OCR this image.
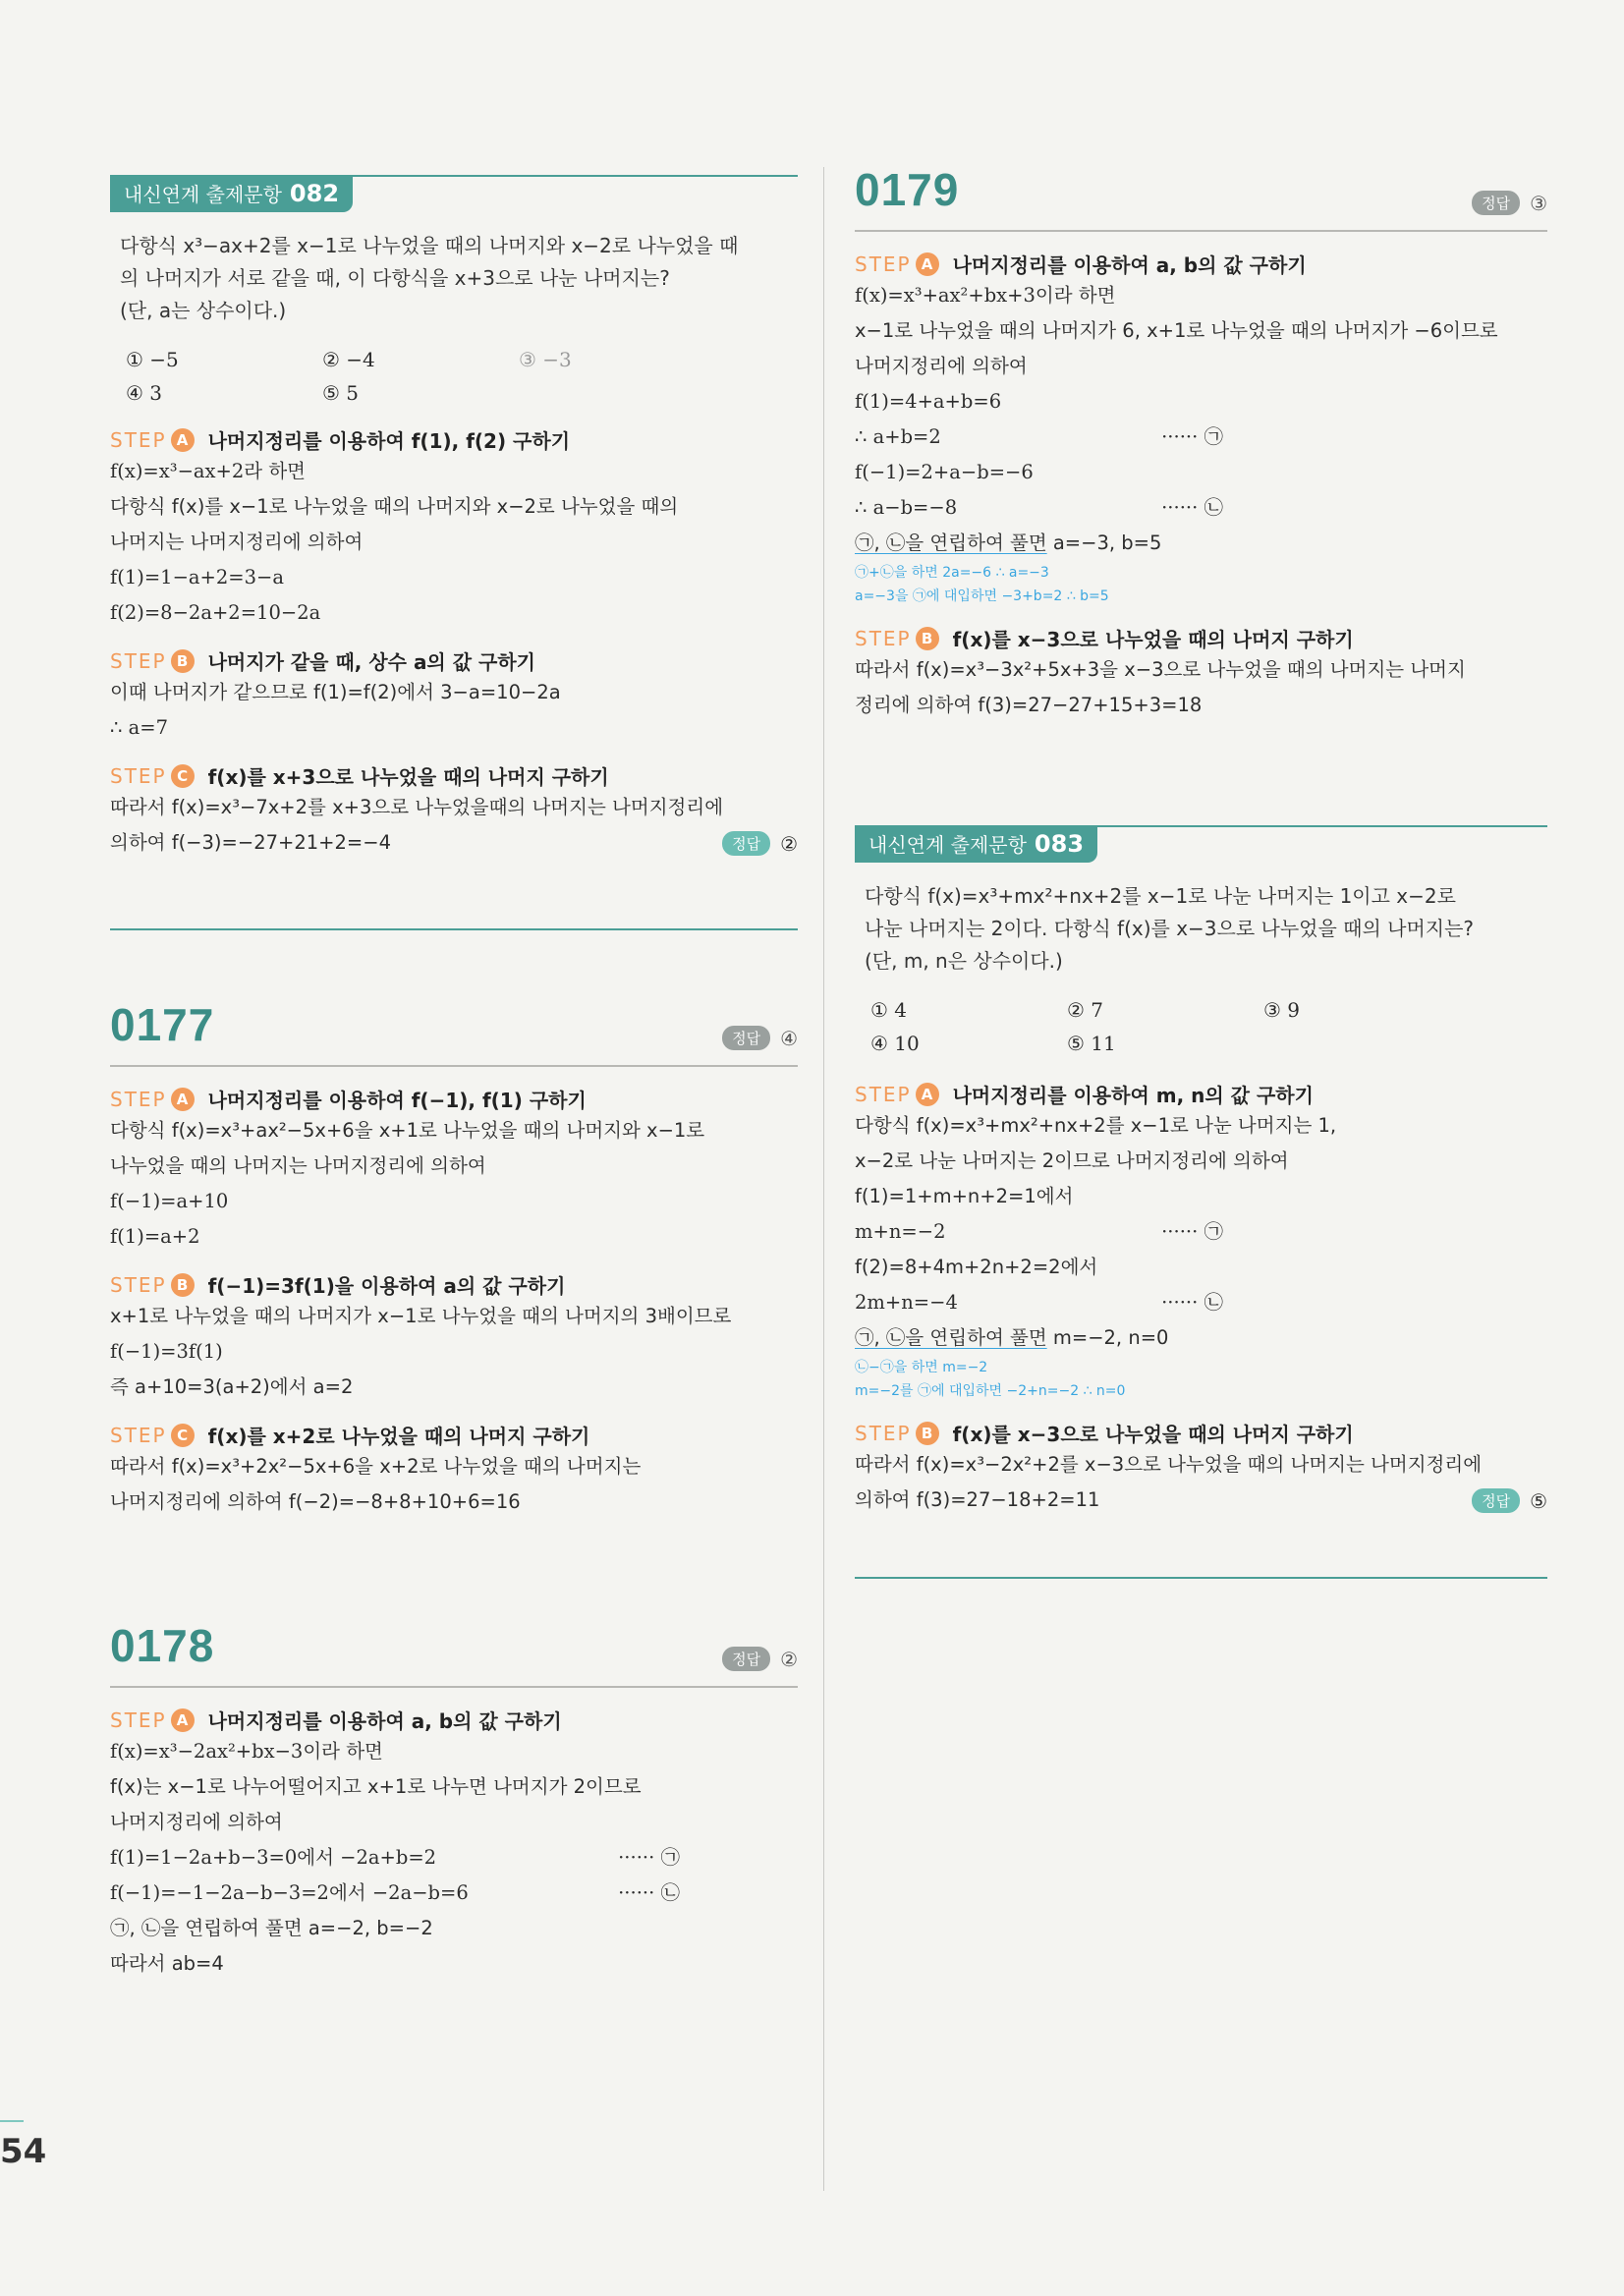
내신연계 출제문항 082
다항식 x³−ax+2를 x−1로 나누었을 때의 나머지와 x−2로 나누었을 때
의 나머지가 서로 같을 때, 이 다항식을 x+3으로 나눈 나머지는?
(단, a는 상수이다.)
① −5	② −4	③ −3
④ 3	⑤ 5
STEP A	나머지정리를 이용하여 f(1), f(2) 구하기
f(x)=x³−ax+2라 하면
다항식 f(x)를 x−1로 나누었을 때의 나머지와 x−2로 나누었을 때의
나머지는 나머지정리에 의하여
f(1)=1−a+2=3−a
f(2)=8−2a+2=10−2a
STEP B	나머지가 같을 때, 상수 a의 값 구하기
이때 나머지가 같으므로 f(1)=f(2)에서 3−a=10−2a
∴ a=7
STEP C	f(x)를 x+3으로 나누었을 때의 나머지 구하기
따라서 f(x)=x³−7x+2를 x+3으로 나누었을때의 나머지는 나머지정리에
의하여 f(−3)=−27+21+2=−4	정답	②
0177	정답	④
STEP A	나머지정리를 이용하여 f(−1), f(1) 구하기
다항식 f(x)=x³+ax²−5x+6을 x+1로 나누었을 때의 나머지와 x−1로
나누었을 때의 나머지는 나머지정리에 의하여
f(−1)=a+10
f(1)=a+2
STEP B	f(−1)=3f(1)을 이용하여 a의 값 구하기
x+1로 나누었을 때의 나머지가 x−1로 나누었을 때의 나머지의 3배이므로
f(−1)=3f(1)
즉 a+10=3(a+2)에서 a=2
STEP C	f(x)를 x+2로 나누었을 때의 나머지 구하기
따라서 f(x)=x³+2x²−5x+6을 x+2로 나누었을 때의 나머지는
나머지정리에 의하여 f(−2)=−8+8+10+6=16
0178	정답	②
STEP A	나머지정리를 이용하여 a, b의 값 구하기
f(x)=x³−2ax²+bx−3이라 하면
f(x)는 x−1로 나누어떨어지고 x+1로 나누면 나머지가 2이므로
나머지정리에 의하여
f(1)=1−2a+b−3=0에서 −2a+b=2	······ ㉠
f(−1)=−1−2a−b−3=2에서 −2a−b=6	······ ㉡
㉠, ㉡을 연립하여 풀면 a=−2, b=−2
따라서 ab=4
0179	정답	③
STEP A	나머지정리를 이용하여 a, b의 값 구하기
f(x)=x³+ax²+bx+3이라 하면
x−1로 나누었을 때의 나머지가 6, x+1로 나누었을 때의 나머지가 −6이므로
나머지정리에 의하여
f(1)=4+a+b=6
∴ a+b=2	······ ㉠
f(−1)=2+a−b=−6
∴ a−b=−8	······ ㉡
㉠, ㉡을 연립하여 풀면 a=−3, b=5
㉠+㉡을 하면 2a=−6 ∴ a=−3
a=−3을 ㉠에 대입하면 −3+b=2 ∴ b=5
STEP B	f(x)를 x−3으로 나누었을 때의 나머지 구하기
따라서 f(x)=x³−3x²+5x+3을 x−3으로 나누었을 때의 나머지는 나머지
정리에 의하여 f(3)=27−27+15+3=18
내신연계 출제문항 083
다항식 f(x)=x³+mx²+nx+2를 x−1로 나눈 나머지는 1이고 x−2로
나눈 나머지는 2이다. 다항식 f(x)를 x−3으로 나누었을 때의 나머지는?
(단, m, n은 상수이다.)
① 4	② 7	③ 9
④ 10	⑤ 11
STEP A	나머지정리를 이용하여 m, n의 값 구하기
다항식 f(x)=x³+mx²+nx+2를 x−1로 나눈 나머지는 1,
x−2로 나눈 나머지는 2이므로 나머지정리에 의하여
f(1)=1+m+n+2=1에서
m+n=−2	······ ㉠
f(2)=8+4m+2n+2=2에서
2m+n=−4	······ ㉡
㉠, ㉡을 연립하여 풀면 m=−2, n=0
㉡−㉠을 하면 m=−2
m=−2를 ㉠에 대입하면 −2+n=−2 ∴ n=0
STEP B	f(x)를 x−3으로 나누었을 때의 나머지 구하기
따라서 f(x)=x³−2x²+2를 x−3으로 나누었을 때의 나머지는 나머지정리에
의하여 f(3)=27−18+2=11	정답	⑤
54
